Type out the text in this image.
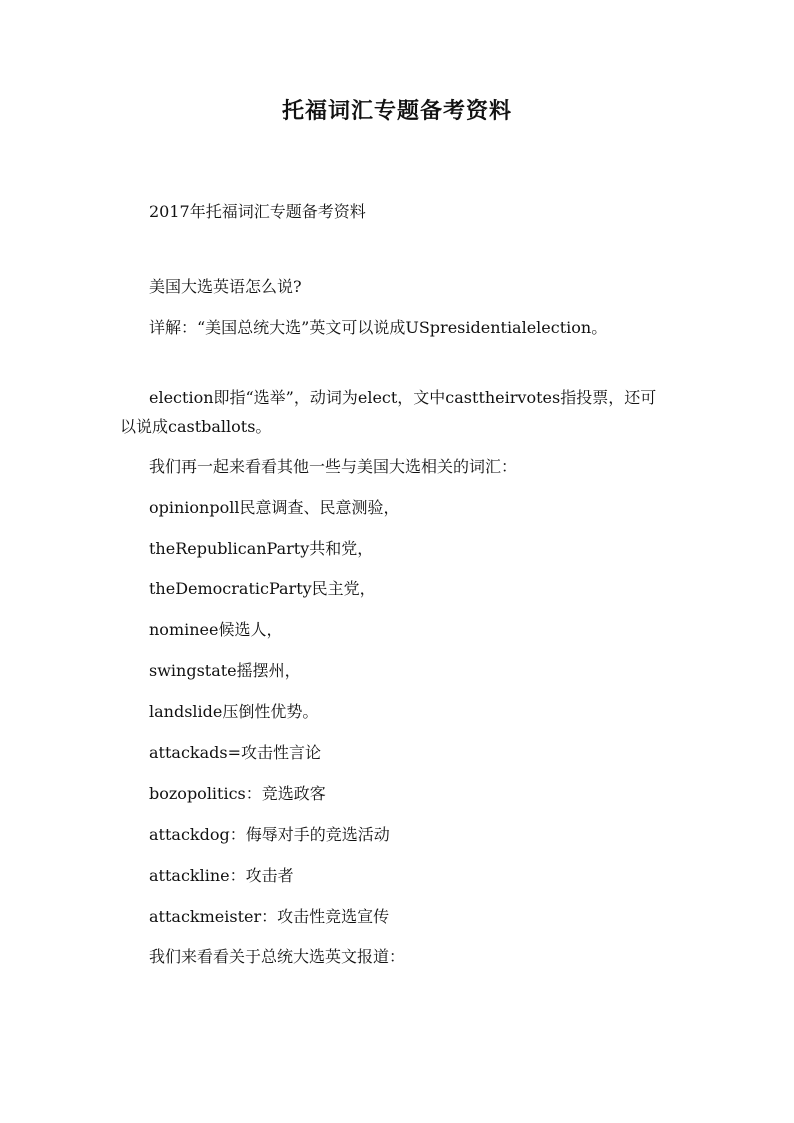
托福词汇专题备考资料
2017年托福词汇专题备考资料
美国大选英语怎么说?
详解：“美国总统大选”英文可以说成USpresidentialelection。
election即指“选举”，动词为elect，文中casttheirvotes指投票，还可以说成castballots。
我们再一起来看看其他一些与美国大选相关的词汇：
opinionpoll民意调查、民意测验，
theRepublicanParty共和党，
theDemocraticParty民主党，
nominee候选人，
swingstate摇摆州，
landslide压倒性优势。
attackads=攻击性言论
bozopolitics：竞选政客
attackdog：侮辱对手的竞选活动
attackline：攻击者
attackmeister：攻击性竞选宣传
我们来看看关于总统大选英文报道：
